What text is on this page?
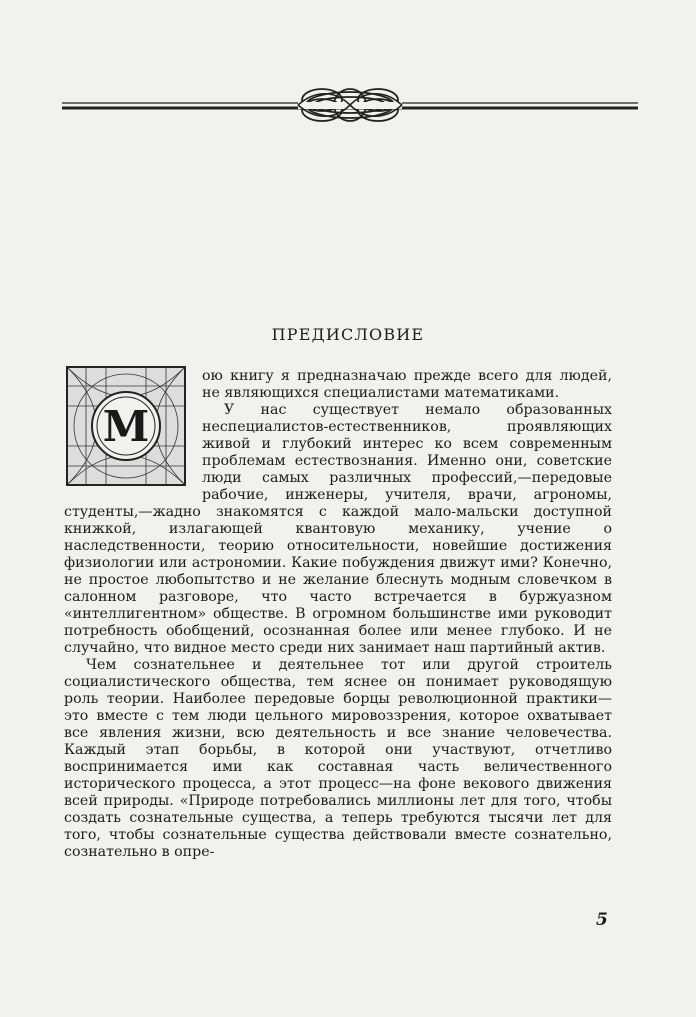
ПРЕДИСЛОВИЕ
М

ою книгу я предназначаю прежде всего для людей, не являющихся специалистами математиками.

У нас существует немало образованных неспециалистов-естественников, проявляющих живой и глубокий интерес ко всем современным проблемам естествознания. Именно они, советские люди самых различных профессий,—передовые рабочие, инженеры, учителя, врачи, агрономы, студенты,—жадно знакомятся с каждой мало-мальски доступной книжкой, излагающей квантовую механику, учение о наследственности, теорию относительности, новейшие достижения физиологии или астрономии. Какие побуждения движут ими? Конечно, не простое любопытство и не желание блеснуть модным словечком в салонном разговоре, что часто встречается в буржуазном «интеллигентном» обществе. В огромном большинстве ими руководит потребность обобщений, осознанная более или менее глубоко. И не случайно, что видное место среди них занимает наш партийный актив.

Чем сознательнее и деятельнее тот или другой строитель социалистического общества, тем яснее он понимает руководящую роль теории. Наиболее передовые борцы революционной практики—это вместе с тем люди цельного мировоззрения, которое охватывает все явления жизни, всю деятельность и все знание человечества. Каждый этап борьбы, в которой они участвуют, отчетливо воспринимается ими как составная часть величественного исторического процесса, а этот процесс—на фоне векового движения всей природы. «Природе потребовались миллионы лет для того, чтобы создать сознательные существа, а теперь требуются тысячи лет для того, чтобы сознательные существа действовали вместе сознательно, сознательно в опре-

5
